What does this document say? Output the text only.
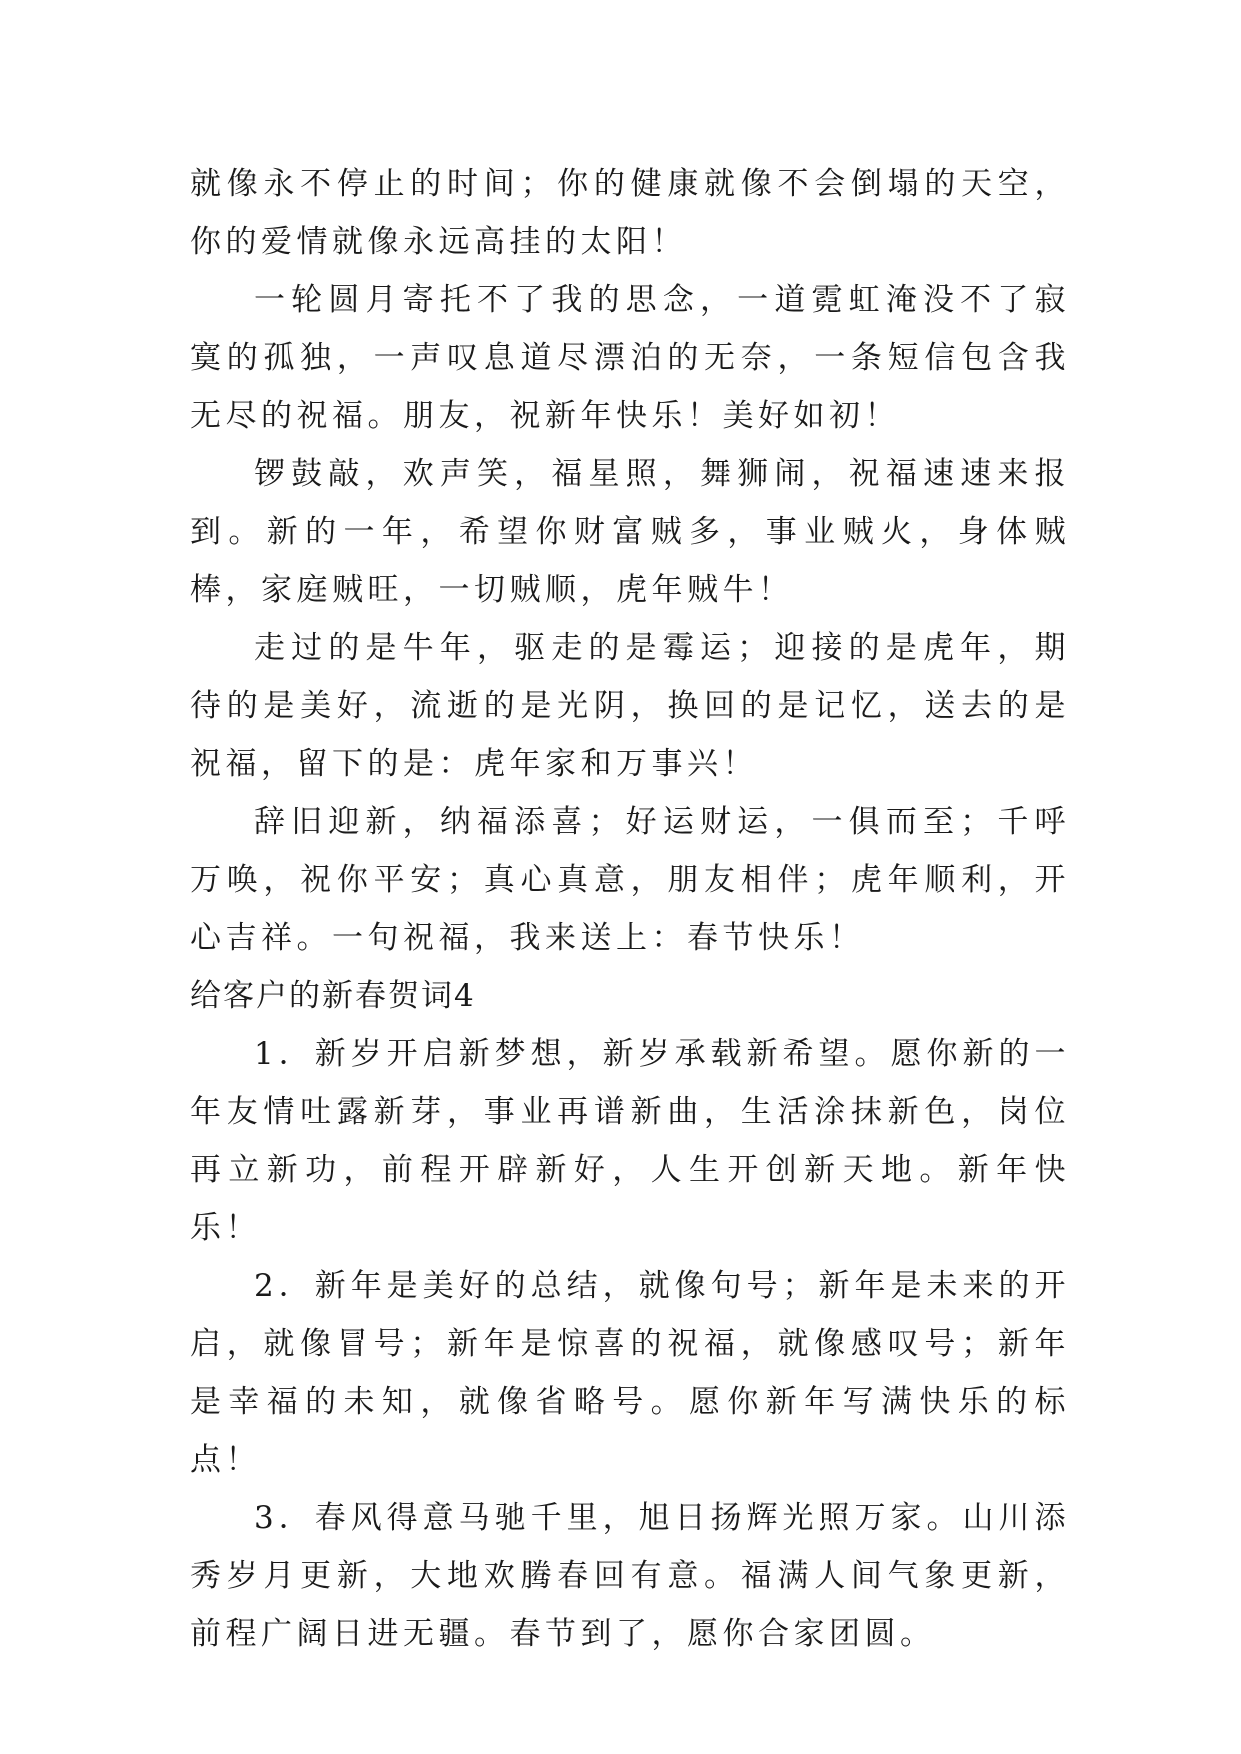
就像永不停止的时间；你的健康就像不会倒塌的天空，你的爱情就像永远高挂的太阳！

一轮圆月寄托不了我的思念，一道霓虹淹没不了寂寞的孤独，一声叹息道尽漂泊的无奈，一条短信包含我无尽的祝福。朋友，祝新年快乐！美好如初！

锣鼓敲，欢声笑，福星照，舞狮闹，祝福速速来报到。新的一年，希望你财富贼多，事业贼火，身体贼棒，家庭贼旺，一切贼顺，虎年贼牛！

走过的是牛年，驱走的是霉运；迎接的是虎年，期待的是美好，流逝的是光阴，换回的是记忆，送去的是祝福，留下的是：虎年家和万事兴！

辞旧迎新，纳福添喜；好运财运，一俱而至；千呼万唤，祝你平安；真心真意，朋友相伴；虎年顺利，开心吉祥。一句祝福，我来送上：春节快乐！

给客户的新春贺词4

1．新岁开启新梦想，新岁承载新希望。愿你新的一年友情吐露新芽，事业再谱新曲，生活涂抹新色，岗位再立新功，前程开辟新好，人生开创新天地。新年快乐！

2．新年是美好的总结，就像句号；新年是未来的开启，就像冒号；新年是惊喜的祝福，就像感叹号；新年是幸福的未知，就像省略号。愿你新年写满快乐的标点！

3．春风得意马驰千里，旭日扬辉光照万家。山川添秀岁月更新，大地欢腾春回有意。福满人间气象更新，前程广阔日进无疆。春节到了，愿你合家团圆。
